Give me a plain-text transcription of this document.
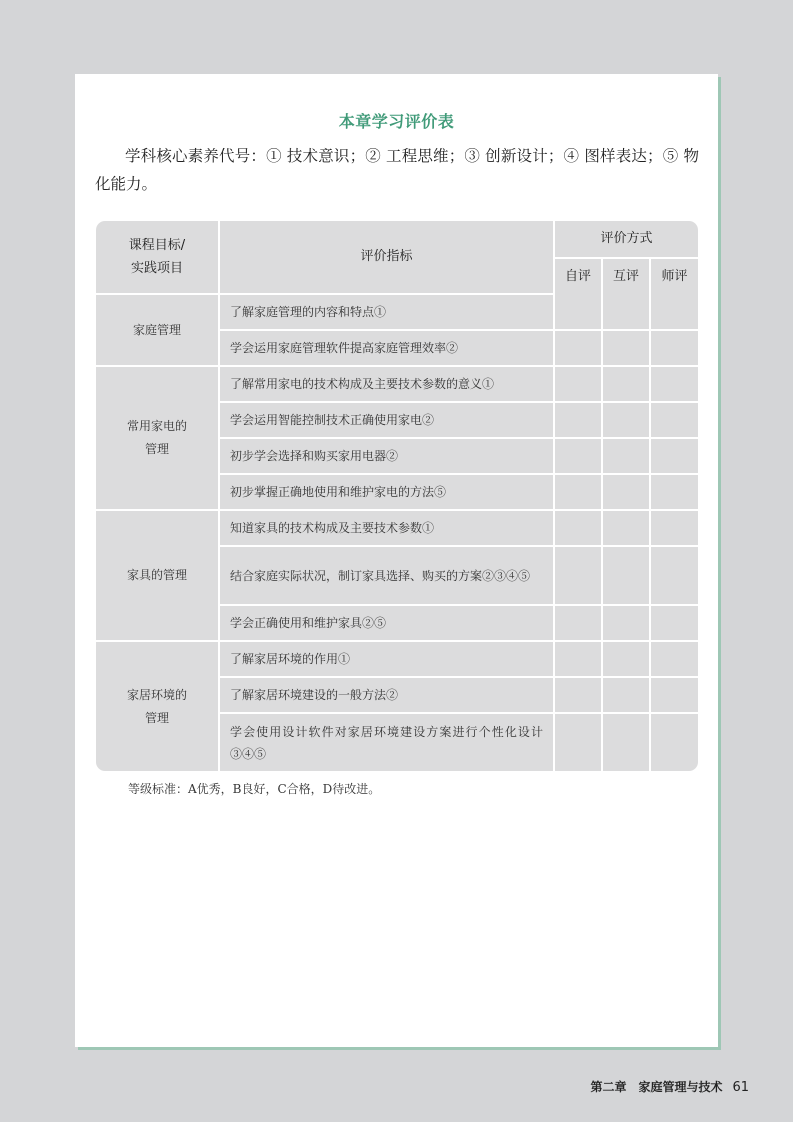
本章学习评价表
学科核心素养代号：① 技术意识；② 工程思维；③ 创新设计；④ 图样表达；⑤ 物化能力。
课程目标/
实践项目	评价指标	评价方式		
		自评	互评	师评
家庭管理	了解家庭管理的内容和特点①			
	学会运用家庭管理软件提高家庭管理效率②			
常用家电的
管理	了解常用家电的技术构成及主要技术参数的意义①			
	学会运用智能控制技术正确使用家电②			
	初步学会选择和购买家用电器②			
	初步掌握正确地使用和维护家电的方法⑤			
家具的管理	知道家具的技术构成及主要技术参数①			
	结合家庭实际状况，制订家具选择、购买的方案②③④⑤			
	学会正确使用和维护家具②⑤			
家居环境的
管理	了解家居环境的作用①			
	了解家居环境建设的一般方法②			
	学会使用设计软件对家居环境建设方案进行个性化设计③④⑤			
等级标准：A优秀，B良好，C合格，D待改进。
第二章　家庭管理与技术 61
